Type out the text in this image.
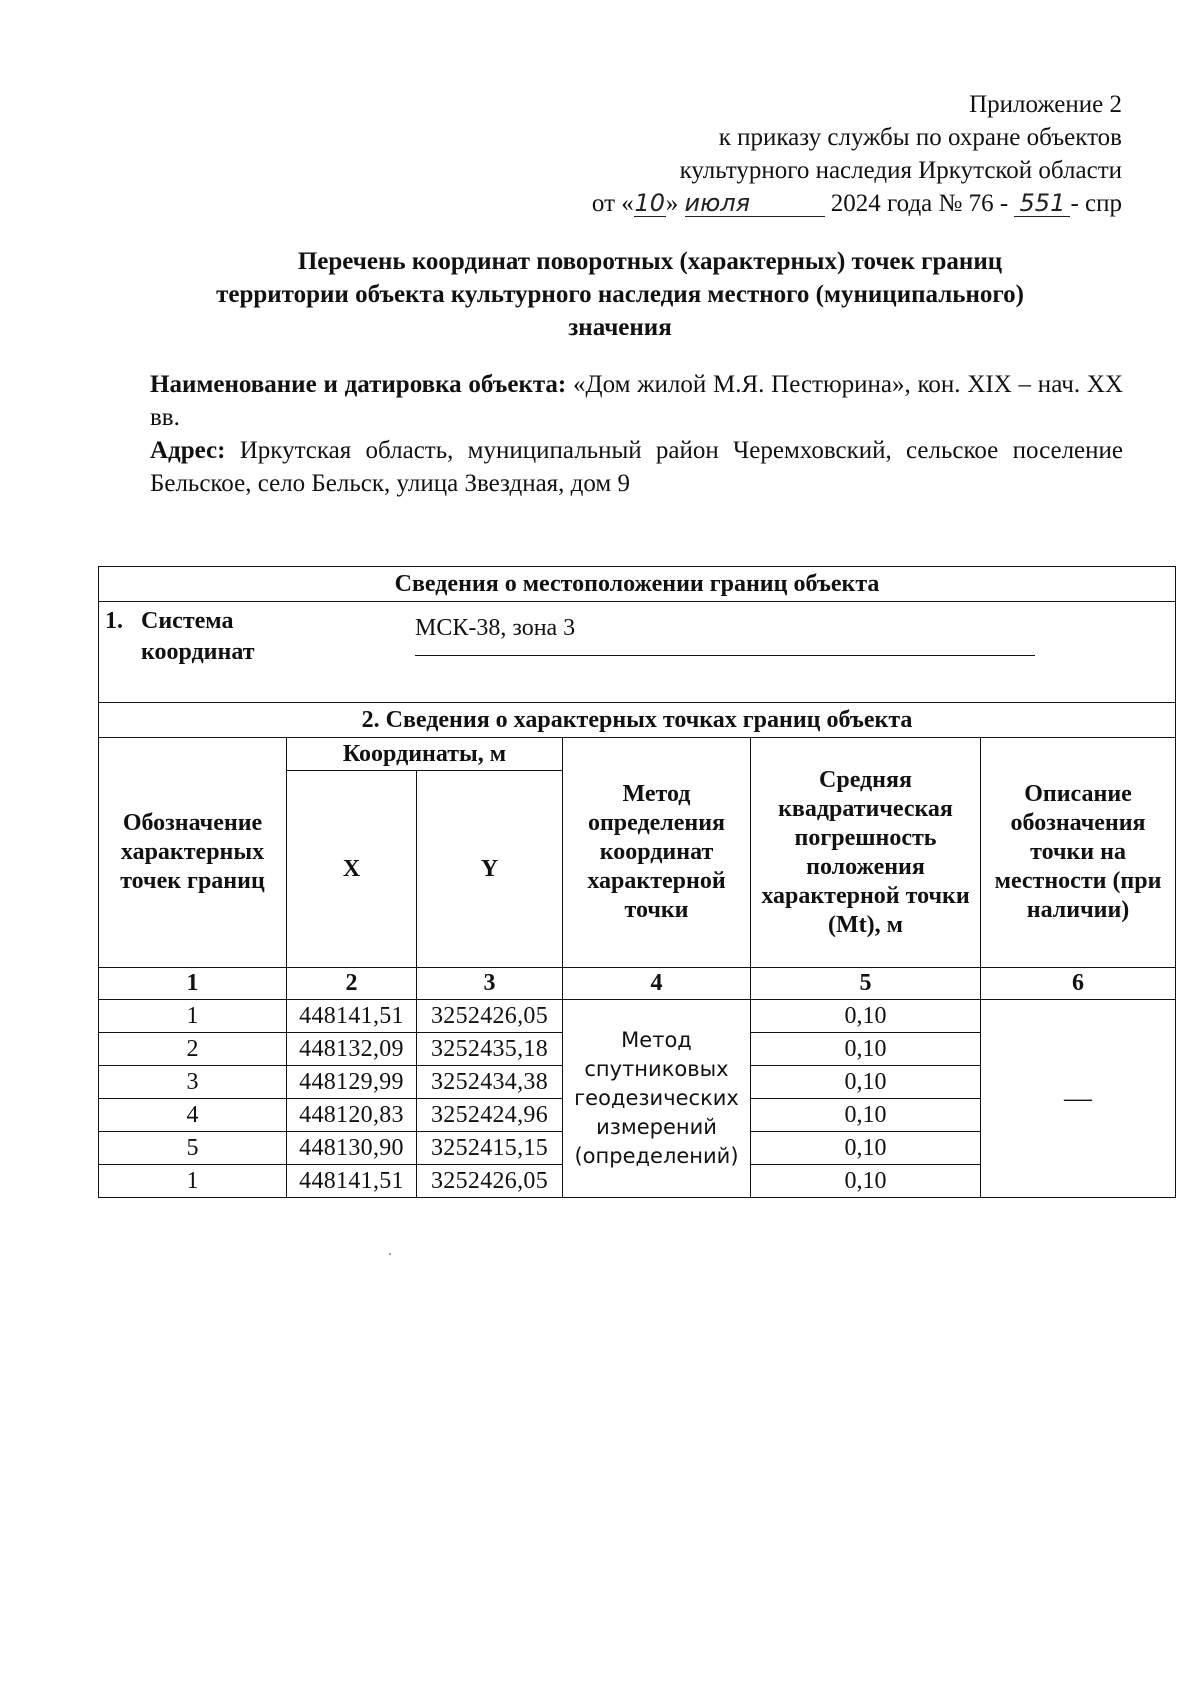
Приложение 2
к приказу службы по охране объектов
культурного наследия Иркутской области
от «10» июля	2024 года № 76 - 551 - спр
Перечень координат поворотных (характерных) точек границ
территории объекта культурного наследия местного (муниципального)
значения

Наименование и датировка объекта: «Дом жилой М.Я. Пестюрина», кон. XIX – нач. XX вв.

Адрес: Иркутская область, муниципальный район Черемховский, сельское поселение Бельское, село Бельск, улица Звездная, дом 9

Сведения о местоположении границ объекта					

1. Система
координат
МСК-38, зона 3					

2. Сведения о характерных точках границ объекта					
Обозначение характерных точек границ	Координаты, м		Метод определения координат характерной точки	Средняя квадратическая погрешность положения характерной точки (Mt), м	Описание обозначения точки на местности (при наличии)
	X	Y			
1	2	3	4	5	6
1	448141,51	3252426,05	Метод спутниковых геодезических измерений (определений)	0,10	—
2	448132,09	3252435,18		0,10	
3	448129,99	3252434,38		0,10	
4	448120,83	3252424,96		0,10	
5	448130,90	3252415,15		0,10	
1	448141,51	3252426,05		0,10	
